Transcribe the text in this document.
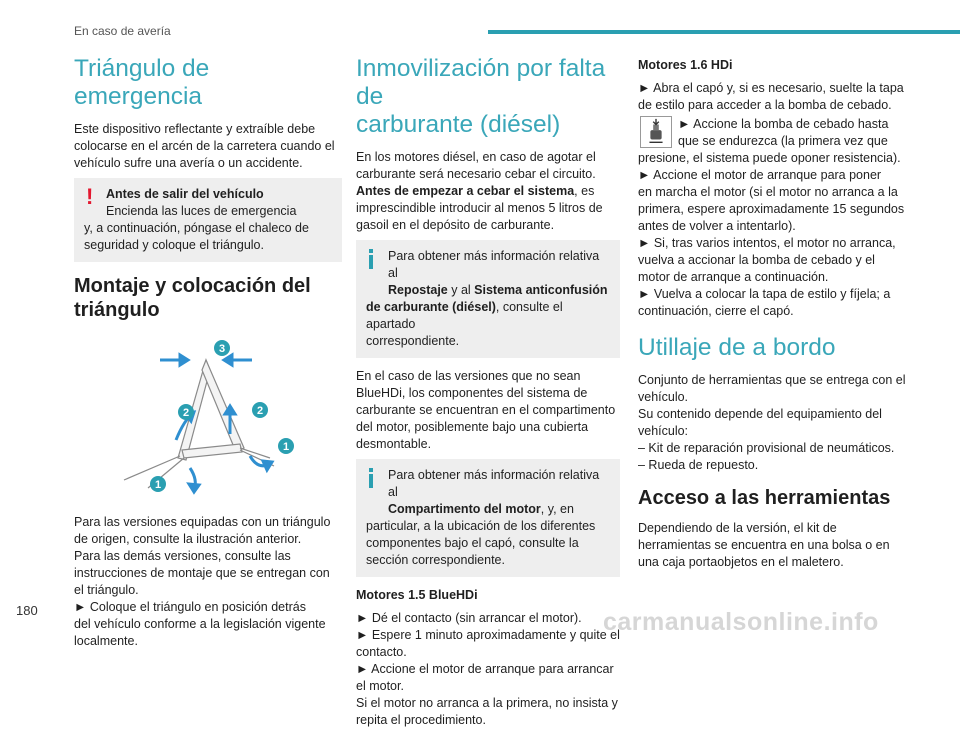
En caso de avería
Triángulo de emergencia

Este dispositivo reflectante y extraíble debe
colocarse en el arcén de la carretera cuando el
vehículo sufre una avería o un accidente.

!	Antes de salir del vehículo
Encienda las luces de emergencia
y, a continuación, póngase el chaleco de
seguridad y coloque el triángulo.
Montaje y colocación del
triángulo
3
2	2
1
1

Para las versiones equipadas con un triángulo
de origen, consulte la ilustración anterior.
Para las demás versiones, consulte las
instrucciones de montaje que se entregan con
el triángulo.
► Coloque el triángulo en posición detrás
del vehículo conforme a la legislación vigente
localmente.

Inmovilización por falta de
carburante (diésel)

En los motores diésel, en caso de agotar el
carburante será necesario cebar el circuito.
Antes de empezar a cebar el sistema, es
imprescindible introducir al menos 5 litros de
gasoil en el depósito de carburante.

Para obtener más información relativa al
Repostaje y al Sistema anticonfusión
de carburante (diésel), consulte el apartado
correspondiente.

En el caso de las versiones que no sean
BlueHDi, los componentes del sistema de
carburante se encuentran en el compartimento
del motor, posiblemente bajo una cubierta
desmontable.

Para obtener más información relativa al
Compartimento del motor, y, en
particular, a la ubicación de los diferentes
componentes bajo el capó, consulte la
sección correspondiente.
Motores 1.5 BlueHDi

► Dé el contacto (sin arrancar el motor).
► Espere 1 minuto aproximadamente y quite el
contacto.
► Accione el motor de arranque para arrancar
el motor.
Si el motor no arranca a la primera, no insista y
repita el procedimiento.

Motores 1.6 HDi

► Abra el capó y, si es necesario, suelte la tapa
de estilo para acceder a la bomba de cebado.

► Accione la bomba de cebado hasta
que se endurezca (la primera vez que

presione, el sistema puede oponer resistencia).
► Accione el motor de arranque para poner
en marcha el motor (si el motor no arranca a la
primera, espere aproximadamente 15 segundos
antes de volver a intentarlo).
► Si, tras varios intentos, el motor no arranca,
vuelva a accionar la bomba de cebado y el
motor de arranque a continuación.
► Vuelva a colocar la tapa de estilo y fíjela; a
continuación, cierre el capó.

Utillaje de a bordo

Conjunto de herramientas que se entrega con el
vehículo.
Su contenido depende del equipamiento del
vehículo:
– Kit de reparación provisional de neumáticos.
– Rueda de repuesto.

Acceso a las herramientas

Dependiendo de la versión, el kit de
herramientas se encuentra en una bolsa o en
una caja portaobjetos en el maletero.

180	carmanualsonline.info
